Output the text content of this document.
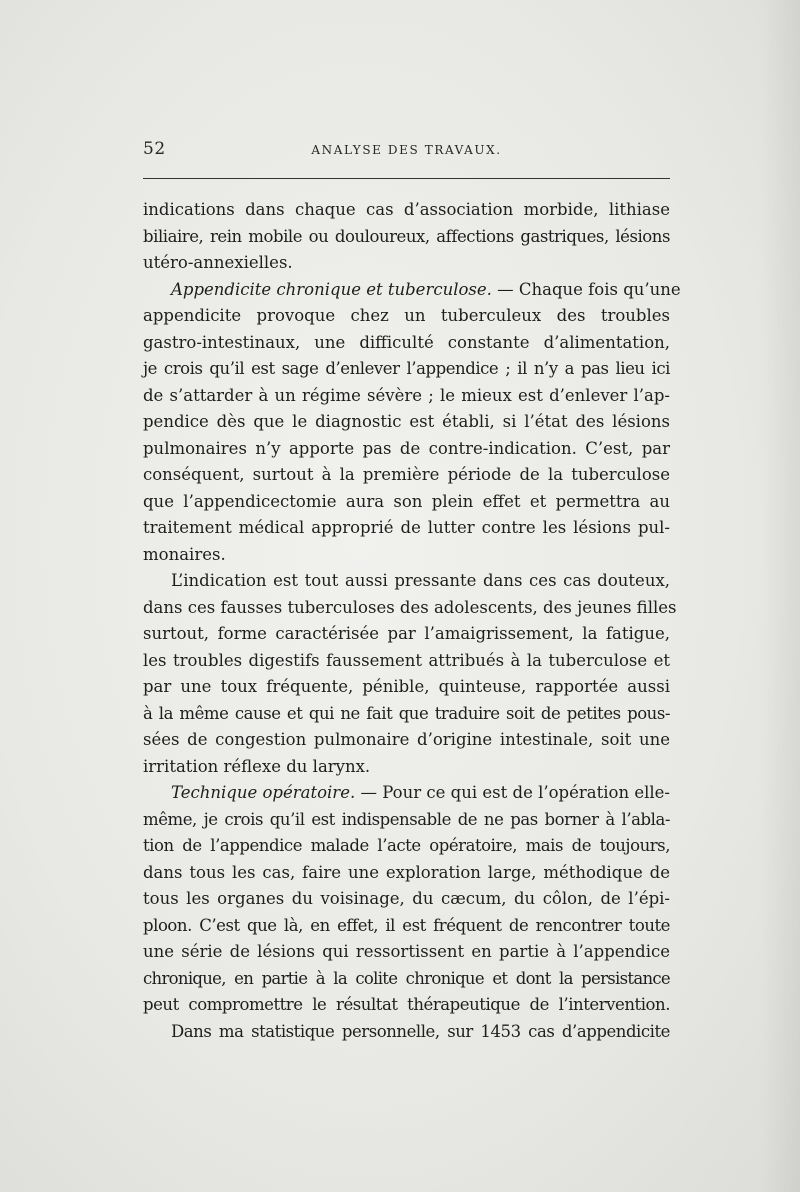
52	ANALYSE DES TRAVAUX.
indications dans chaque cas d’association morbide, lithiase
biliaire, rein mobile ou douloureux, affections gastriques, lésions
utéro-annexielles.
Appendicite chronique et tuberculose. — Chaque fois qu’une
appendicite provoque chez un tuberculeux des troubles
gastro-intestinaux, une difficulté constante d’alimentation,
je crois qu’il est sage d’enlever l’appendice ; il n’y a pas lieu ici
de s’attarder à un régime sévère ; le mieux est d’enlever l’ap-
pendice dès que le diagnostic est établi, si l’état des lésions
pulmonaires n’y apporte pas de contre-indication. C’est, par
conséquent, surtout à la première période de la tuberculose
que l’appendicectomie aura son plein effet et permettra au
traitement médical approprié de lutter contre les lésions pul-
monaires.
L’indication est tout aussi pressante dans ces cas douteux,
dans ces fausses tuberculoses des adolescents, des jeunes filles
surtout, forme caractérisée par l’amaigrissement, la fatigue,
les troubles digestifs faussement attribués à la tuberculose et
par une toux fréquente, pénible, quinteuse, rapportée aussi
à la même cause et qui ne fait que traduire soit de petites pous-
sées de congestion pulmonaire d’origine intestinale, soit une
irritation réflexe du larynx.
Technique opératoire. — Pour ce qui est de l’opération elle-
même, je crois qu’il est indispensable de ne pas borner à l’abla-
tion de l’appendice malade l’acte opératoire, mais de toujours,
dans tous les cas, faire une exploration large, méthodique de
tous les organes du voisinage, du cæcum, du côlon, de l’épi-
ploon. C’est que là, en effet, il est fréquent de rencontrer toute
une série de lésions qui ressortissent en partie à l’appendice
chronique, en partie à la colite chronique et dont la persistance
peut compromettre le résultat thérapeutique de l’intervention.
Dans ma statistique personnelle, sur 1453 cas d’appendicite
